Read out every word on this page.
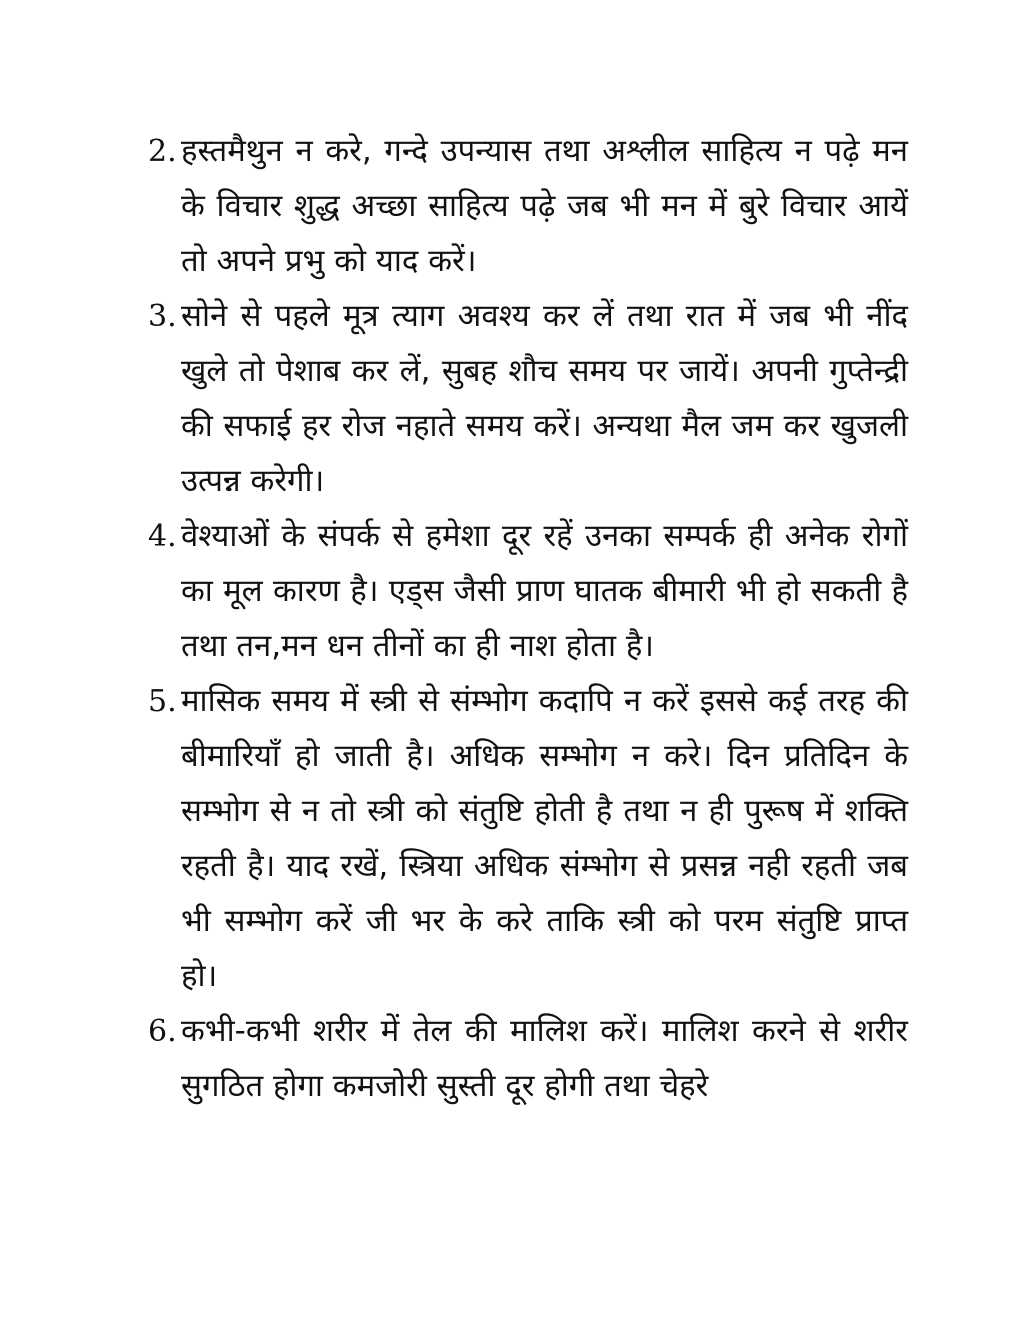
2. हस्तमैथुन न करे, गन्दे उपन्यास तथा अश्लील साहित्य न पढ़े मन के विचार शुद्ध अच्छा साहित्य पढ़े जब भी मन में बुरे विचार आयें तो अपने प्रभु को याद करें।
3. सोने से पहले मूत्र त्याग अवश्य कर लें तथा रात में जब भी नींद खुले तो पेशाब कर लें, सुबह शौच समय पर जायें। अपनी गुप्तेन्द्री की सफाई हर रोज नहाते समय करें। अन्यथा मैल जम कर खुजली उत्पन्न करेगी।
4. वेश्याओं के संपर्क से हमेशा दूर रहें उनका सम्पर्क ही अनेक रोगों का मूल कारण है। एड्स जैसी प्राण घातक बीमारी भी हो सकती है तथा तन,मन धन तीनों का ही नाश होता है।
5. मासिक समय में स्त्री से संम्भोग कदापि न करें इससे कई तरह की बीमारियाँ हो जाती है। अधिक सम्भोग न करे। दिन प्रतिदिन के सम्भोग से न तो स्त्री को संतुष्टि होती है तथा न ही पुरूष में शक्ति रहती है। याद रखें, स्त्रिया अधिक संम्भोग से प्रसन्न नही रहती जब भी सम्भोग करें जी भर के करे ताकि स्त्री को परम संतुष्टि प्राप्त हो।
6. कभी-कभी शरीर में तेल की मालिश करें। मालिश करने से शरीर सुगठित होगा कमजोेरी सुस्ती दूर होगी तथा चेहरे
